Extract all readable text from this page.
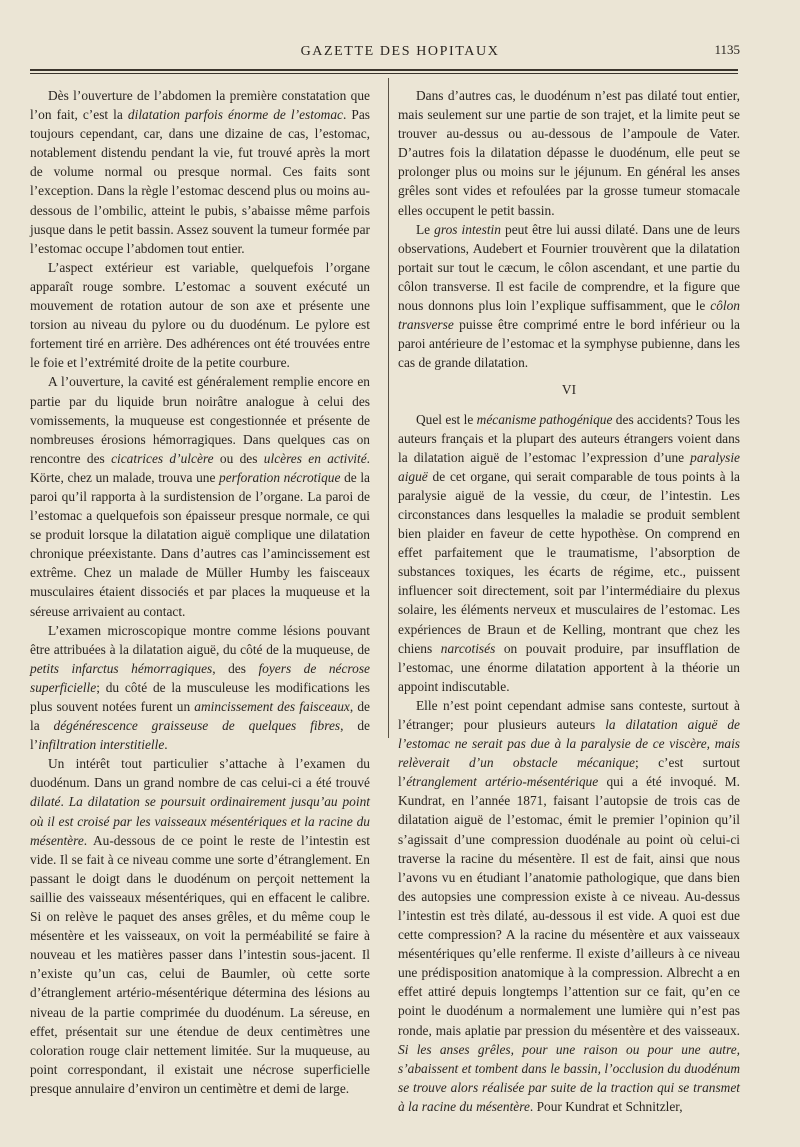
GAZETTE DES HOPITAUX	1135

Dès l’ouverture de l’abdomen la première constatation que l’on fait, c’est la dilatation parfois énorme de l’estomac. Pas toujours cependant, car, dans une dizaine de cas, l’estomac, notablement distendu pendant la vie, fut trouvé après la mort de volume normal ou presque normal. Ces faits sont l’exception. Dans la règle l’estomac descend plus ou moins au-dessous de l’ombilic, atteint le pubis, s’abaisse même parfois jusque dans le petit bassin. Assez souvent la tumeur formée par l’estomac occupe l’abdomen tout entier.

L’aspect extérieur est variable, quelquefois l’organe apparaît rouge sombre. L’estomac a souvent exécuté un mouvement de rotation autour de son axe et présente une torsion au niveau du pylore ou du duodénum. Le pylore est fortement tiré en arrière. Des adhérences ont été trouvées entre le foie et l’extrémité droite de la petite courbure.

A l’ouverture, la cavité est généralement remplie encore en partie par du liquide brun noirâtre analogue à celui des vomissements, la muqueuse est congestionnée et présente de nombreuses érosions hémorragiques. Dans quelques cas on rencontre des cicatrices d’ulcère ou des ulcères en activité. Körte, chez un malade, trouva une perforation nécrotique de la paroi qu’il rapporta à la surdistension de l’organe. La paroi de l’estomac a quelquefois son épaisseur presque normale, ce qui se produit lorsque la dilatation aiguë complique une dilatation chronique préexistante. Dans d’autres cas l’amincissement est extrême. Chez un malade de Müller Humby les faisceaux musculaires étaient dissociés et par places la muqueuse et la séreuse arrivaient au contact.

L’examen microscopique montre comme lésions pouvant être attribuées à la dilatation aiguë, du côté de la muqueuse, de petits infarctus hémorragiques, des foyers de nécrose superficielle; du côté de la musculeuse les modifications les plus souvent notées furent un amincissement des faisceaux, de la dégénérescence graisseuse de quelques fibres, de l’infiltration interstitielle.

Un intérêt tout particulier s’attache à l’examen du duodénum. Dans un grand nombre de cas celui-ci a été trouvé dilaté. La dilatation se poursuit ordinairement jusqu’au point où il est croisé par les vaisseaux mésentériques et la racine du mésentère. Au-dessous de ce point le reste de l’intestin est vide. Il se fait à ce niveau comme une sorte d’étranglement. En passant le doigt dans le duodénum on perçoit nettement la saillie des vaisseaux mésentériques, qui en effacent le calibre. Si on relève le paquet des anses grêles, et du même coup le mésentère et les vaisseaux, on voit la perméabilité se faire à nouveau et les matières passer dans l’intestin sous-jacent. Il n’existe qu’un cas, celui de Baumler, où cette sorte d’étranglement artério-mésentérique détermina des lésions au niveau de la partie comprimée du duodénum. La séreuse, en effet, présentait sur une étendue de deux centimètres une coloration rouge clair nettement limitée. Sur la muqueuse, au point correspondant, il existait une nécrose superficielle presque annulaire d’environ un centimètre et demi de large.

Dans d’autres cas, le duodénum n’est pas dilaté tout entier, mais seulement sur une partie de son trajet, et la limite peut se trouver au-dessus ou au-dessous de l’ampoule de Vater. D’autres fois la dilatation dépasse le duodénum, elle peut se prolonger plus ou moins sur le jéjunum. En général les anses grêles sont vides et refoulées par la grosse tumeur stomacale elles occupent le petit bassin.

Le gros intestin peut être lui aussi dilaté. Dans une de leurs observations, Audebert et Fournier trouvèrent que la dilatation portait sur tout le cæcum, le côlon ascendant, et une partie du côlon transverse. Il est facile de comprendre, et la figure que nous donnons plus loin l’explique suffisamment, que le côlon transverse puisse être comprimé entre le bord inférieur ou la paroi antérieure de l’estomac et la symphyse pubienne, dans les cas de grande dilatation.

VI

Quel est le mécanisme pathogénique des accidents? Tous les auteurs français et la plupart des auteurs étrangers voient dans la dilatation aiguë de l’estomac l’expression d’une paralysie aiguë de cet organe, qui serait comparable de tous points à la paralysie aiguë de la vessie, du cœur, de l’intestin. Les circonstances dans lesquelles la maladie se produit semblent bien plaider en faveur de cette hypothèse. On comprend en effet parfaitement que le traumatisme, l’absorption de substances toxiques, les écarts de régime, etc., puissent influencer soit directement, soit par l’intermédiaire du plexus solaire, les éléments nerveux et musculaires de l’estomac. Les expériences de Braun et de Kelling, montrant que chez les chiens narcotisés on pouvait produire, par insufflation de l’estomac, une énorme dilatation apportent à la théorie un appoint indiscutable.

Elle n’est point cependant admise sans conteste, surtout à l’étranger; pour plusieurs auteurs la dilatation aiguë de l’estomac ne serait pas due à la paralysie de ce viscère, mais relèverait d’un obstacle mécanique; c’est surtout l’étranglement artério-mésentérique qui a été invoqué. M. Kundrat, en l’année 1871, faisant l’autopsie de trois cas de dilatation aiguë de l’estomac, émit le premier l’opinion qu’il s’agissait d’une compression duodénale au point où celui-ci traverse la racine du mésentère. Il est de fait, ainsi que nous l’avons vu en étudiant l’anatomie pathologique, que dans bien des autopsies une compression existe à ce niveau. Au-dessus l’intestin est très dilaté, au-dessous il est vide. A quoi est due cette compression? A la racine du mésentère et aux vaisseaux mésentériques qu’elle renferme. Il existe d’ailleurs à ce niveau une prédisposition anatomique à la compression. Albrecht a en effet attiré depuis longtemps l’attention sur ce fait, qu’en ce point le duodénum a normalement une lumière qui n’est pas ronde, mais aplatie par pression du mésentère et des vaisseaux. Si les anses grêles, pour une raison ou pour une autre, s’abaissent et tombent dans le bassin, l’occlusion du duodénum se trouve alors réalisée par suite de la traction qui se transmet à la racine du mésentère. Pour Kundrat et Schnitzler,
